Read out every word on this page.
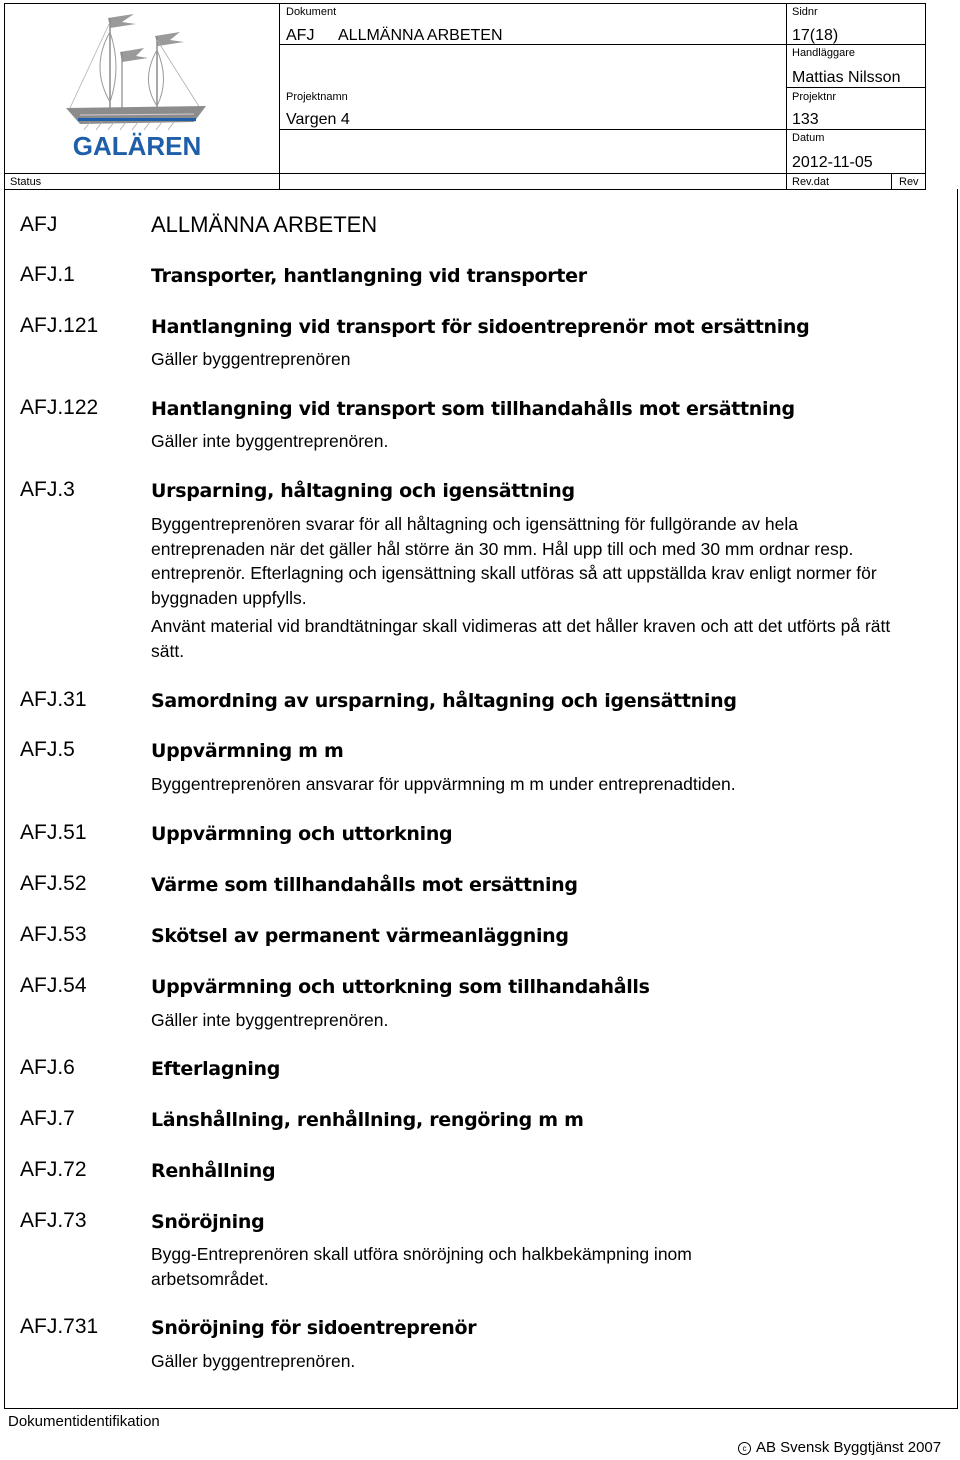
GALÄREN
Dokument
AFJ ALLMÄNNA ARBETEN
Sidnr
17(18)
Handläggare
Mattias Nilsson
Projektnamn
Vargen 4
Projektnr
133
Datum
2012-11-05
Status	Rev.dat	Rev
AFJ	ALLMÄNNA ARBETEN
AFJ.1	Transporter, hantlangning vid transporter
AFJ.121	Hantlangning vid transport för sidoentreprenör mot ersättning

Gäller byggentreprenören

AFJ.122	Hantlangning vid transport som tillhandahålls mot ersättning

Gäller inte byggentreprenören.

AFJ.3	Ursparning, håltagning och igensättning

Byggentreprenören svarar för all håltagning och igensättning för fullgörande av hela entreprenaden när det gäller hål större än 30 mm. Hål upp till och med 30 mm ordnar resp. entreprenör. Efterlagning och igensättning skall utföras så att uppställda krav enligt normer för byggnaden uppfylls.

Använt material vid brandtätningar skall vidimeras att det håller kraven och att det utförts på rätt sätt.

AFJ.31	Samordning av ursparning, håltagning och igensättning
AFJ.5	Uppvärmning m m

Byggentreprenören ansvarar för uppvärmning m m under entreprenadtiden.

AFJ.51	Uppvärmning och uttorkning
AFJ.52	Värme som tillhandahålls mot ersättning
AFJ.53	Skötsel av permanent värmeanläggning
AFJ.54	Uppvärmning och uttorkning som tillhandahålls

Gäller inte byggentreprenören.

AFJ.6	Efterlagning
AFJ.7	Länshållning, renhållning, rengöring m m
AFJ.72	Renhållning
AFJ.73	Snöröjning

Bygg-Entreprenören skall utföra snöröjning och halkbekämpning inom arbetsområdet.

AFJ.731	Snöröjning för sidoentreprenör

Gäller byggentreprenören.

Dokumentidentifikation
c AB Svensk Byggtjänst 2007
